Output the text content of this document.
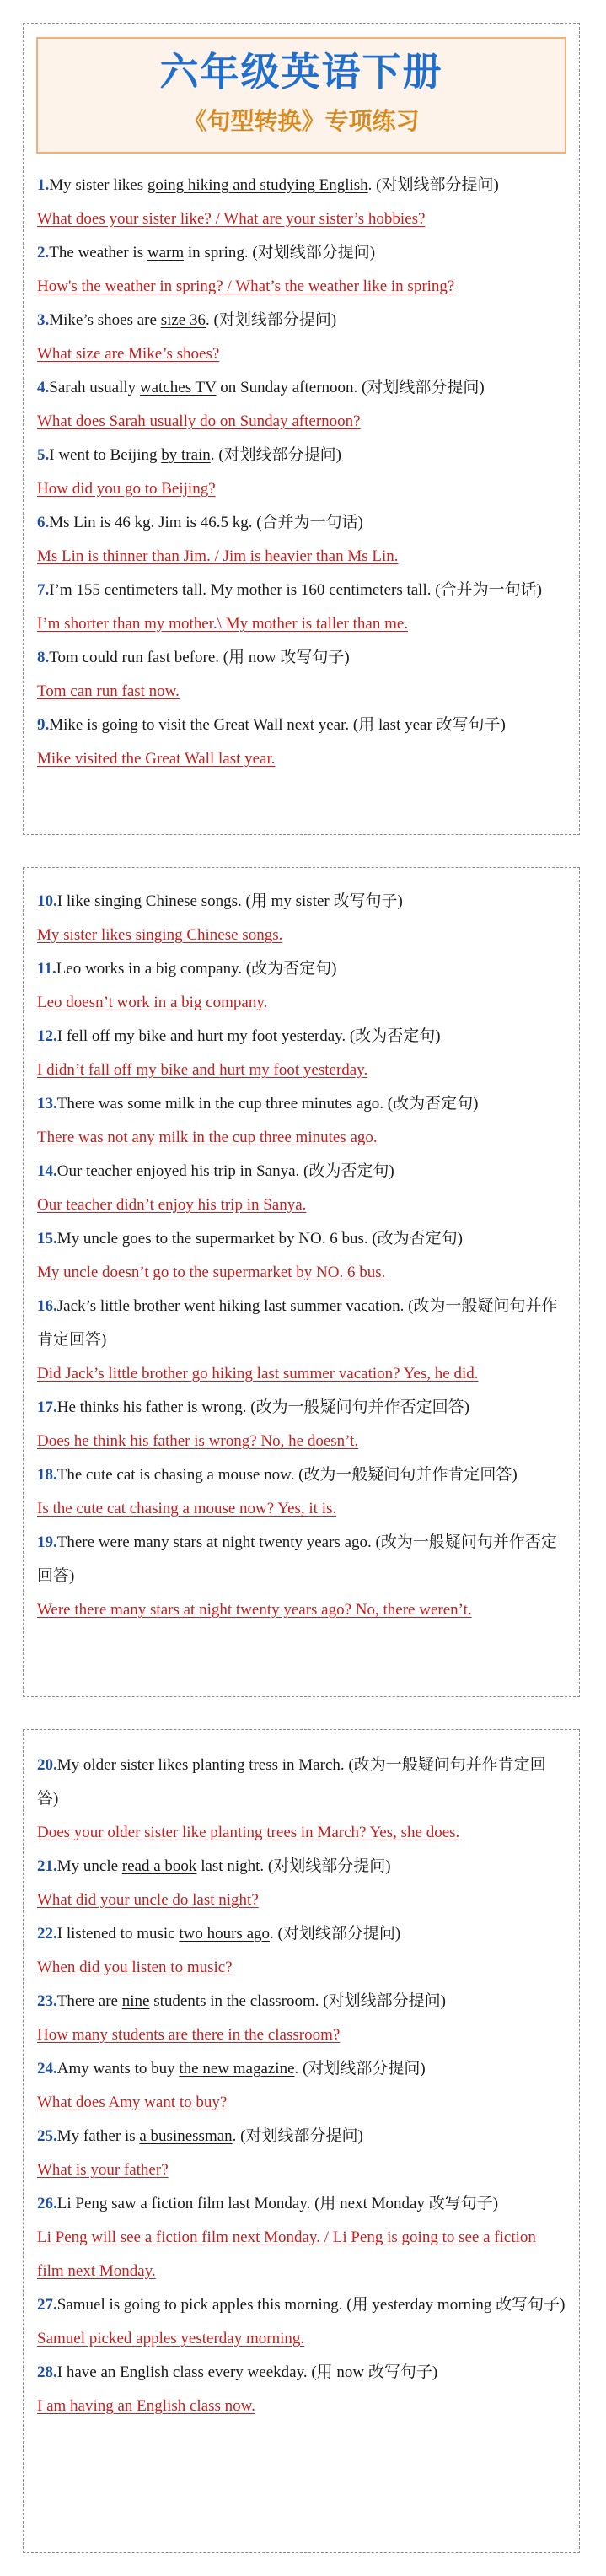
六年级英语下册
《句型转换》专项练习

1.My sister likes going hiking and studying English. (对划线部分提问)

What does your sister like? / What are your sister’s hobbies?

2.The weather is warm in spring. (对划线部分提问)

How's the weather in spring? / What’s the weather like in spring?

3.Mike’s shoes are size 36. (对划线部分提问)

What size are Mike’s shoes?

4.Sarah usually watches TV on Sunday afternoon. (对划线部分提问)

What does Sarah usually do on Sunday afternoon?

5.I went to Beijing by train. (对划线部分提问)

How did you go to Beijing?

6.Ms Lin is 46 kg. Jim is 46.5 kg. (合并为一句话)

Ms Lin is thinner than Jim. / Jim is heavier than Ms Lin.

7.I’m 155 centimeters tall. My mother is 160 centimeters tall. (合并为一句话)

I’m shorter than my mother.\ My mother is taller than me.

8.Tom could run fast before. (用 now 改写句子)

Tom can run fast now.

9.Mike is going to visit the Great Wall next year. (用 last year 改写句子)

Mike visited the Great Wall last year.

10.I like singing Chinese songs. (用 my sister 改写句子)

My sister likes singing Chinese songs.

11.Leo works in a big company. (改为否定句)

Leo doesn’t work in a big company.

12.I fell off my bike and hurt my foot yesterday. (改为否定句)

I didn’t fall off my bike and hurt my foot yesterday.

13.There was some milk in the cup three minutes ago. (改为否定句)

There was not any milk in the cup three minutes ago.

14.Our teacher enjoyed his trip in Sanya. (改为否定句)

Our teacher didn’t enjoy his trip in Sanya.

15.My uncle goes to the supermarket by NO. 6 bus. (改为否定句)

My uncle doesn’t go to the supermarket by NO. 6 bus.

16.Jack’s little brother went hiking last summer vacation. (改为一般疑问句并作肯定回答)

Did Jack’s little brother go hiking last summer vacation? Yes, he did.

17.He thinks his father is wrong. (改为一般疑问句并作否定回答)

Does he think his father is wrong? No, he doesn’t.

18.The cute cat is chasing a mouse now. (改为一般疑问句并作肯定回答)

Is the cute cat chasing a mouse now? Yes, it is.

19.There were many stars at night twenty years ago. (改为一般疑问句并作否定回答)

Were there many stars at night twenty years ago? No, there weren’t.

20.My older sister likes planting tress in March. (改为一般疑问句并作肯定回答)

Does your older sister like planting trees in March? Yes, she does.

21.My uncle read a book last night. (对划线部分提问)

What did your uncle do last night?

22.I listened to music two hours ago. (对划线部分提问)

When did you listen to music?

23.There are nine students in the classroom. (对划线部分提问)

How many students are there in the classroom?

24.Amy wants to buy the new magazine. (对划线部分提问)

What does Amy want to buy?

25.My father is a businessman. (对划线部分提问)

What is your father?

26.Li Peng saw a fiction film last Monday. (用 next Monday 改写句子)

Li Peng will see a fiction film next Monday. / Li Peng is going to see a fiction film next Monday.

27.Samuel is going to pick apples this morning. (用 yesterday morning 改写句子)

Samuel picked apples yesterday morning.

28.I have an English class every weekday. (用 now 改写句子)

I am having an English class now.
